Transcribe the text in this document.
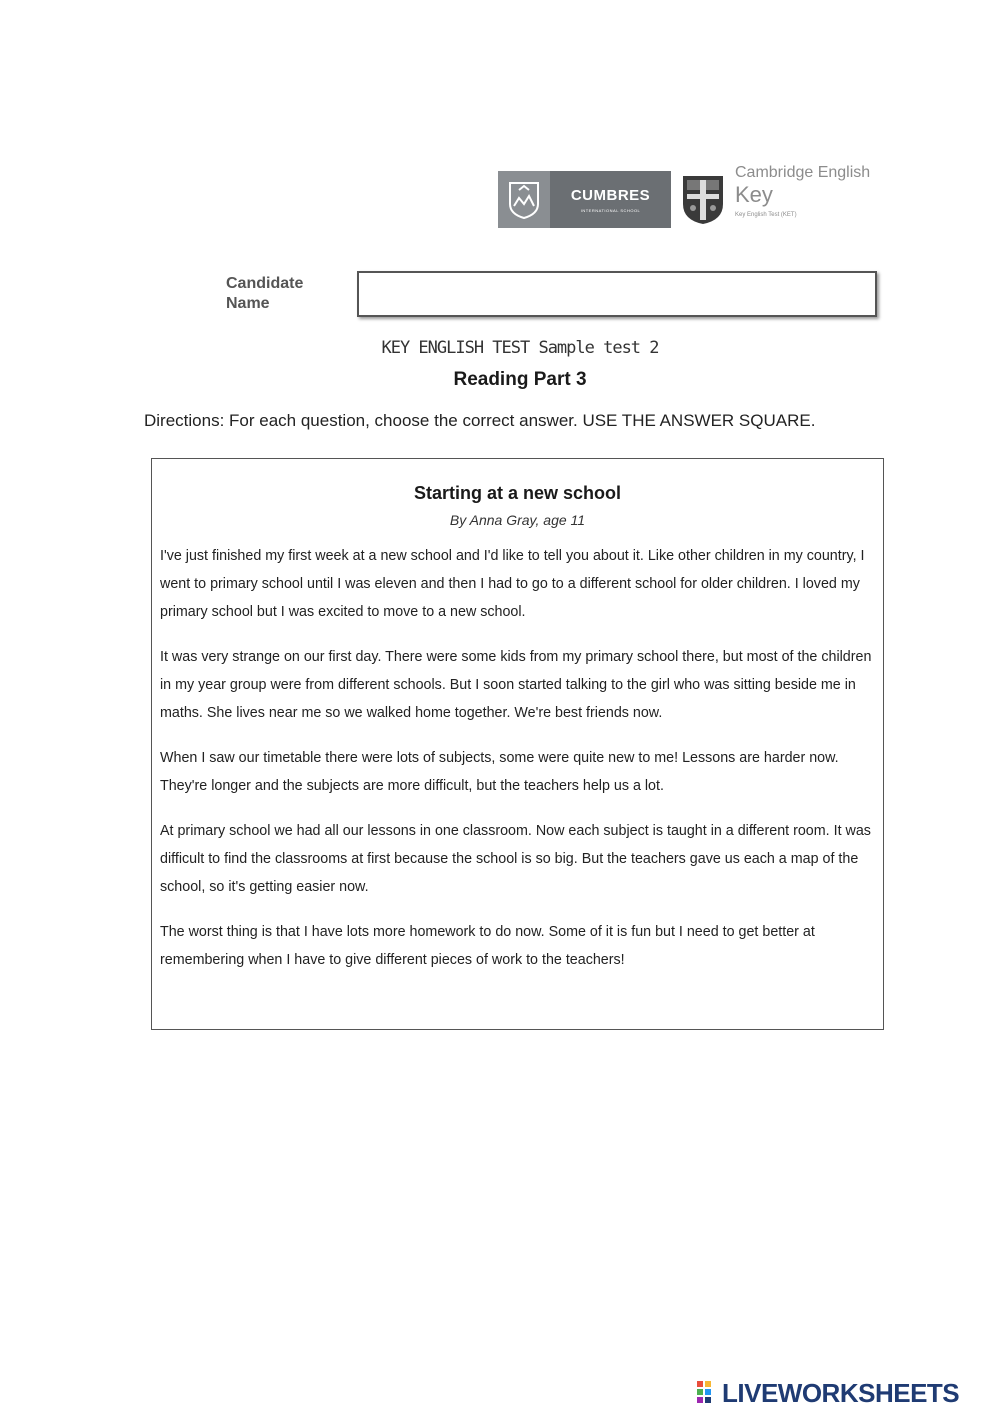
CUMBRES
INTERNATIONAL SCHOOL
Cambridge English
Key
Key English Test (KET)
Candidate Name
KEY ENGLISH TEST Sample test 2
Reading Part 3
Directions: For each question, choose the correct answer. USE THE ANSWER SQUARE.
Starting at a new school
By Anna Gray, age 11

I've just finished my first week at a new school and I'd like to tell you about it. Like other children in my country, I went to primary school until I was eleven and then I had to go to a different school for older children. I loved my primary school but I was excited to move to a new school.

It was very strange on our first day. There were some kids from my primary school there, but most of the children in my year group were from different schools. But I soon started talking to the girl who was sitting beside me in maths. She lives near me so we walked home together. We're best friends now.

When I saw our timetable there were lots of subjects, some were quite new to me! Lessons are harder now. They're longer and the subjects are more difficult, but the teachers help us a lot.

At primary school we had all our lessons in one classroom. Now each subject is taught in a different room. It was difficult to find the classrooms at first because the school is so big. But the teachers gave us each a map of the school, so it's getting easier now.

The worst thing is that I have lots more homework to do now. Some of it is fun but I need to get better at remembering when I have to give different pieces of work to the teachers!

LIVEWORKSHEETS
